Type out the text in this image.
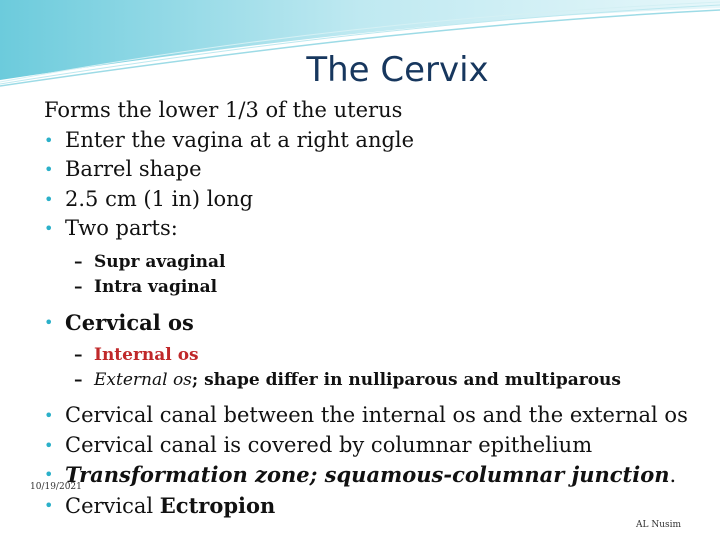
The Cervix
Forms the lower 1/3 of the uterus
• Enter the vagina at a right angle
• Barrel shape
• 2.5 cm (1 in) long
• Two parts:
– Supr avaginal
– Intra vaginal
• Cervical os
– Internal os
– External os; shape differ in nulliparous and multiparous
• Cervical canal between the internal os and the external os
• Cervical canal is covered by columnar epithelium
• Transformation zone; squamous-columnar junction.
• Cervical Ectropion
10/19/2021
AL Nusim
